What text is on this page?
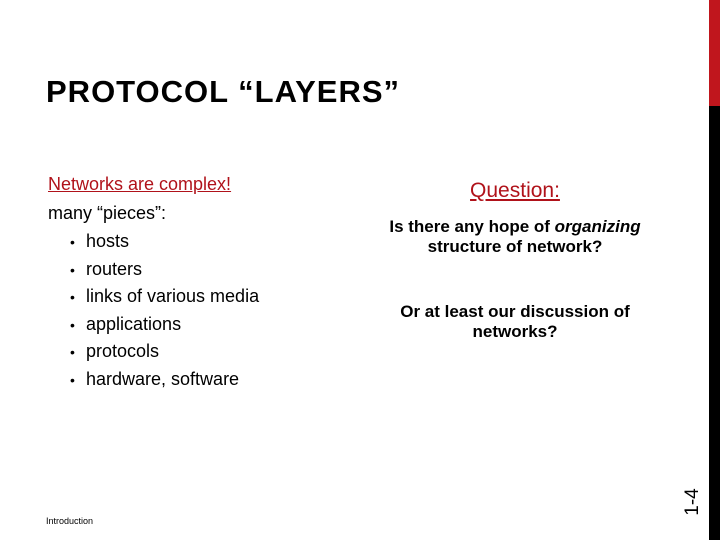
PROTOCOL “LAYERS”
Networks are complex!
many “pieces”:
• hosts
• routers
• links of various media
• applications
• protocols
• hardware, software

Question:

Is there any hope of organizing structure of network?

Or at least our discussion of networks?

Introduction
1-4
